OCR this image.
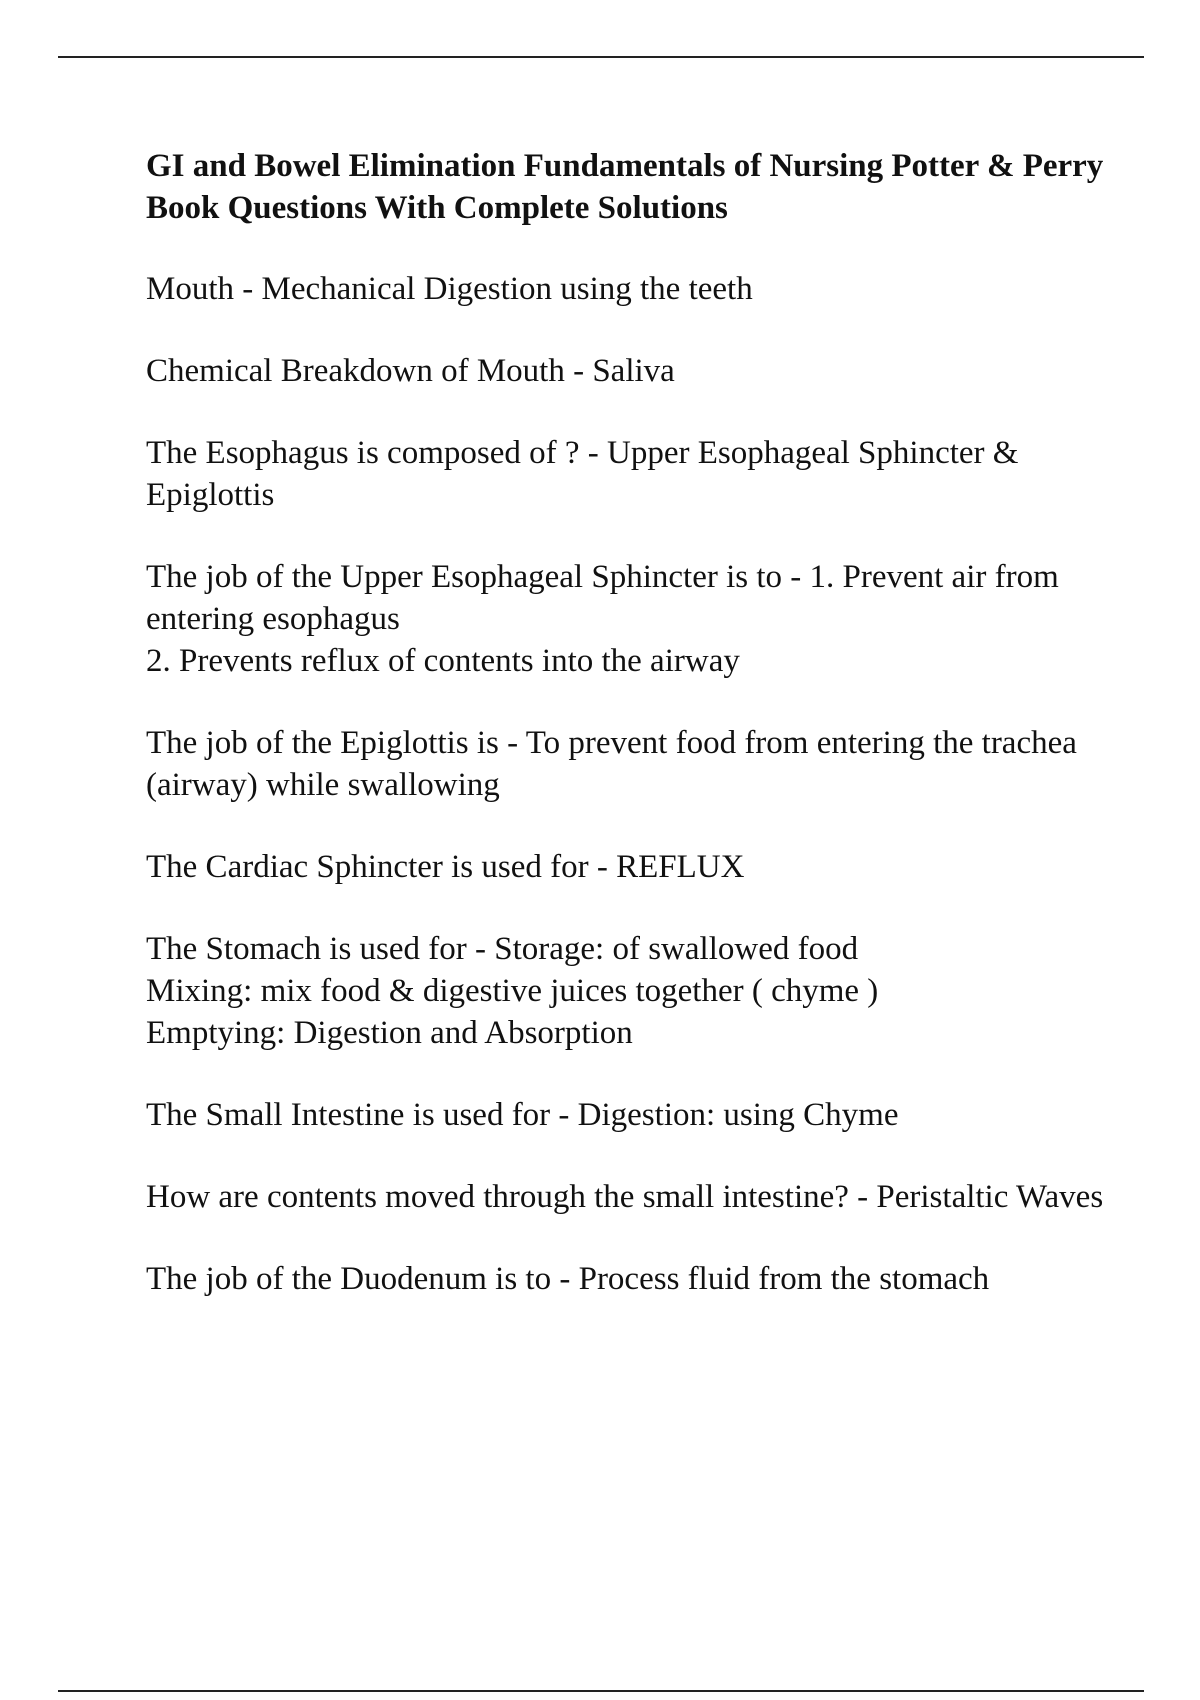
GI and Bowel Elimination Fundamentals of Nursing Potter & Perry Book Questions With Complete Solutions
Mouth - Mechanical Digestion using the teeth
Chemical Breakdown of Mouth - Saliva
The Esophagus is composed of ? - Upper Esophageal Sphincter & Epiglottis
The job of the Upper Esophageal Sphincter is to - 1. Prevent air from entering esophagus
2. Prevents reflux of contents into the airway
The job of the Epiglottis is - To prevent food from entering the trachea (airway) while swallowing
The Cardiac Sphincter is used for - REFLUX
The Stomach is used for - Storage: of swallowed food
Mixing: mix food & digestive juices together ( chyme )
Emptying: Digestion and Absorption
The Small Intestine is used for - Digestion: using Chyme
How are contents moved through the small intestine? - Peristaltic Waves
The job of the Duodenum is to - Process fluid from the stomach
